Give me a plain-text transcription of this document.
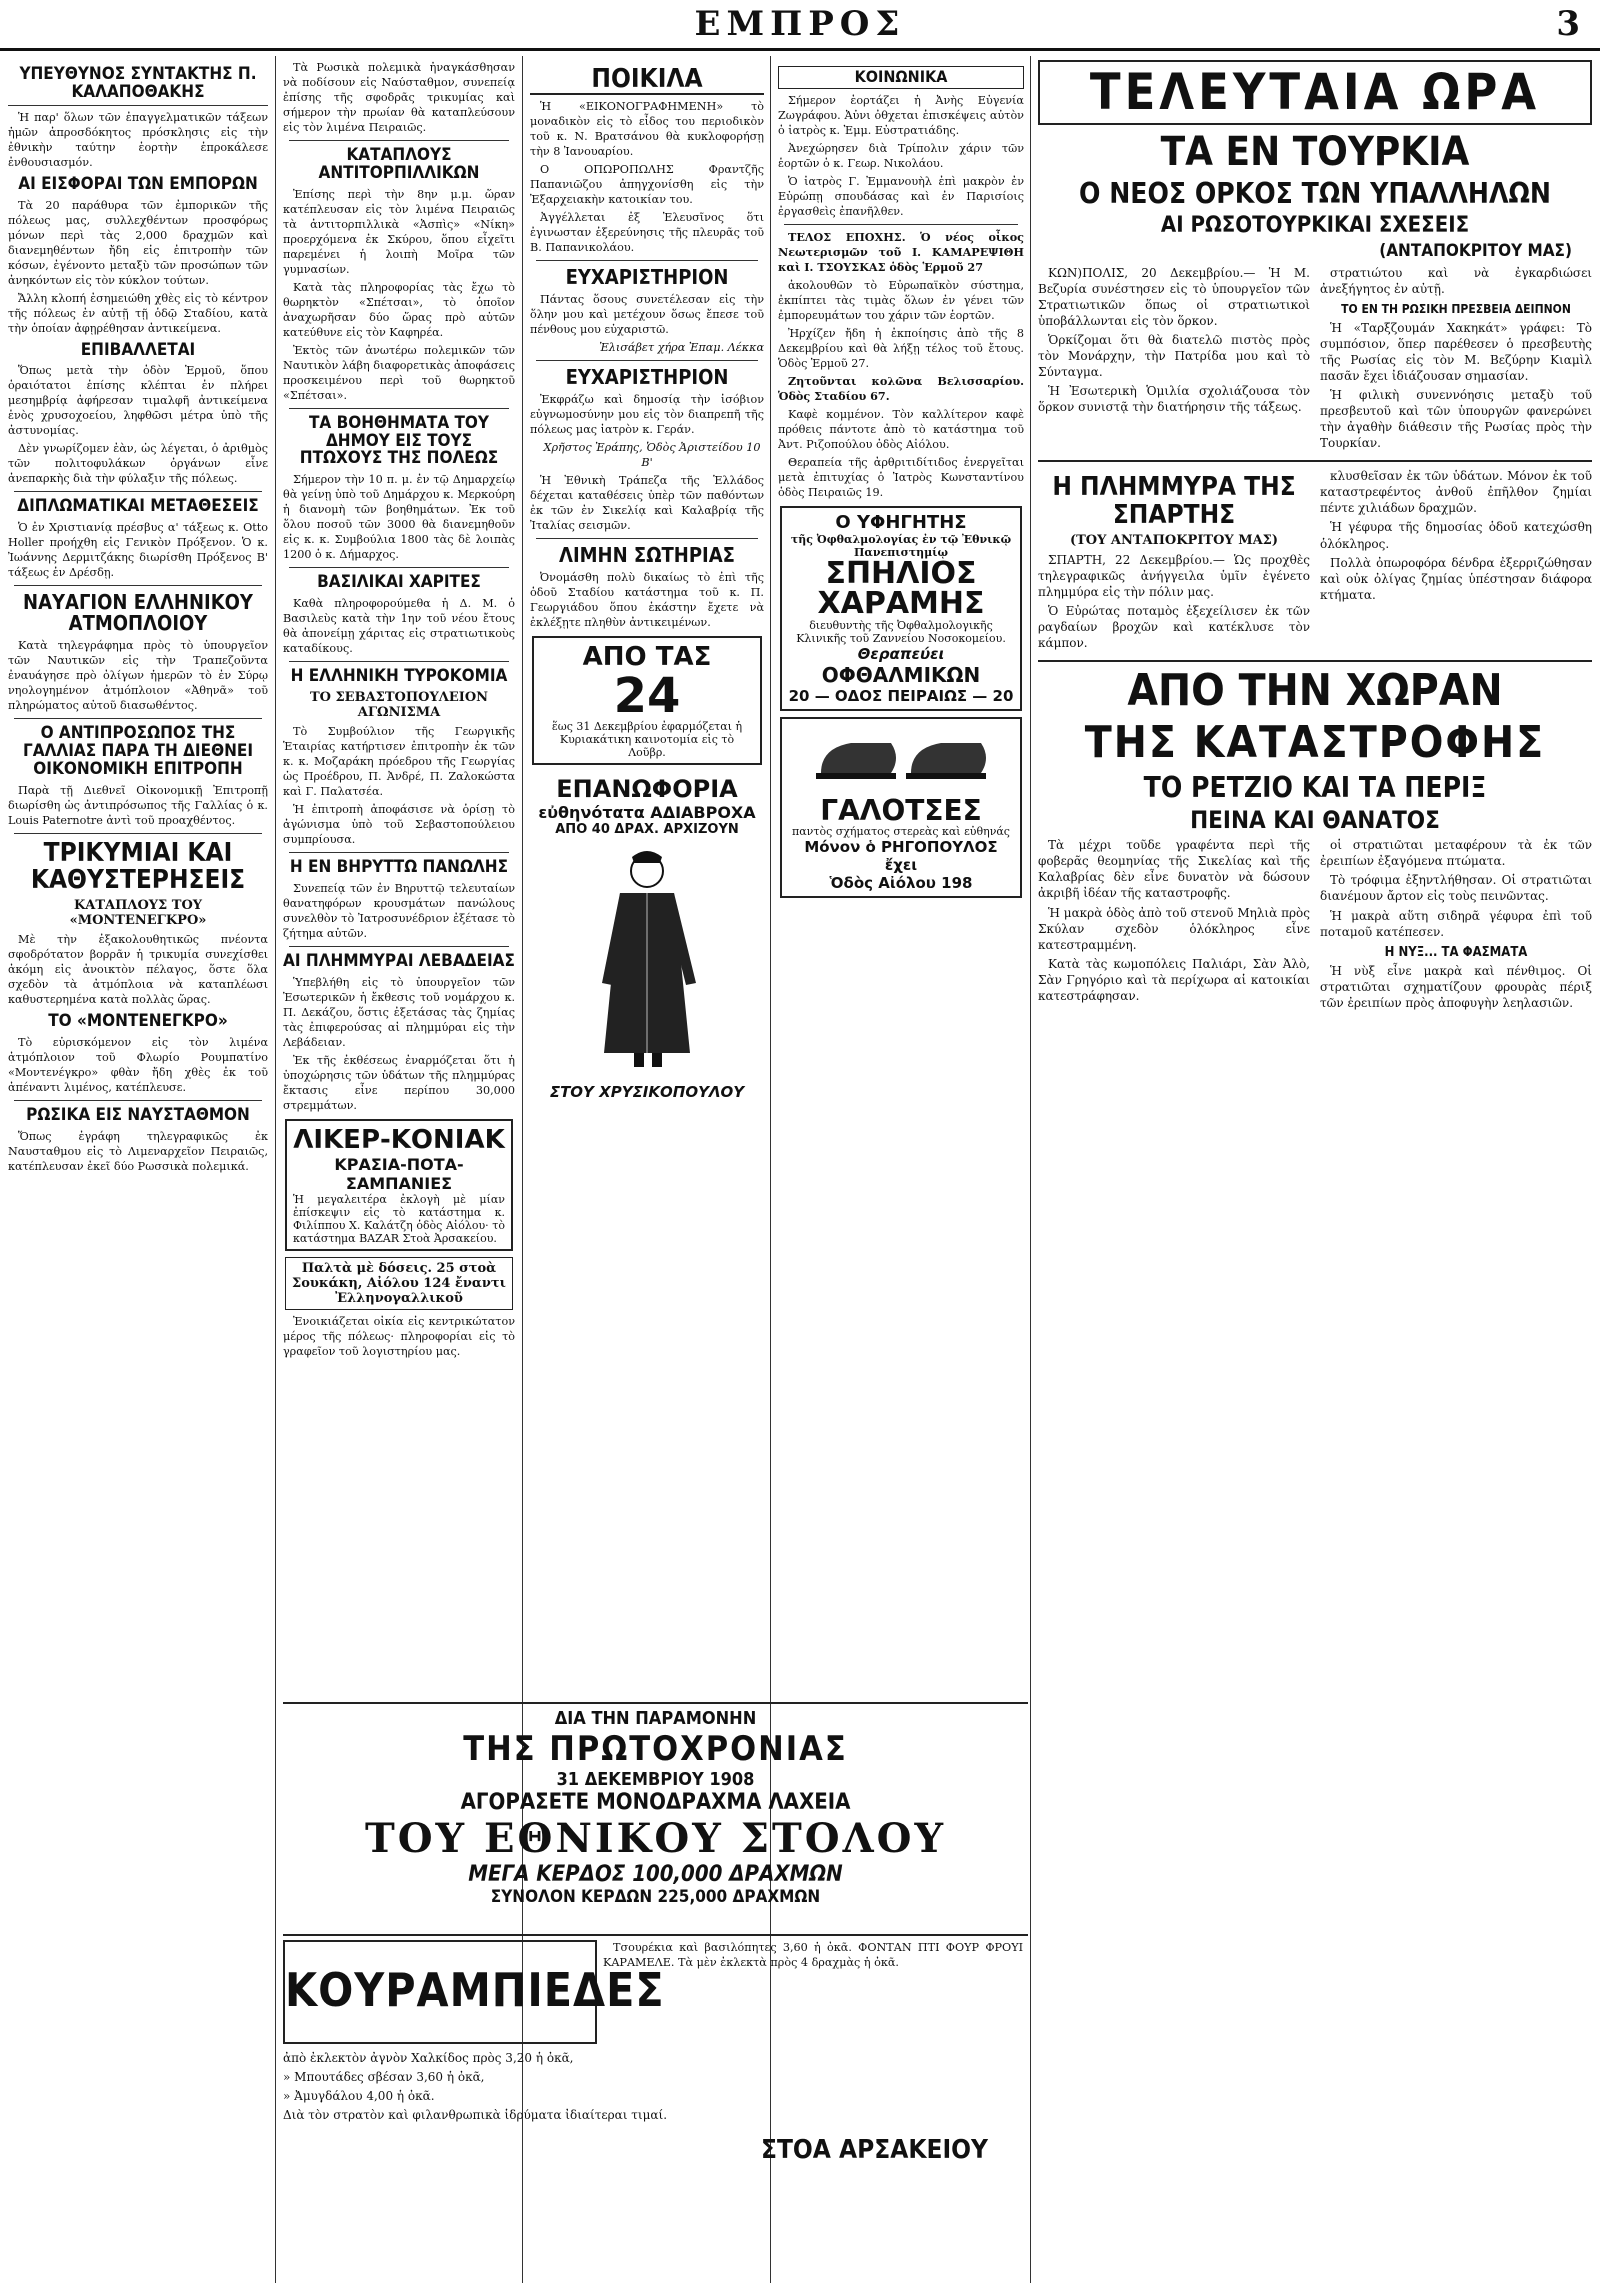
ΕΜΠΡΟΣ	3
ΥΠΕΥΘΥΝΟΣ ΣΥΝΤΑΚΤΗΣ Π. ΚΑΛΑΠΟΘΑΚΗΣ

Ἡ παρ' ὅλων τῶν ἐπαγγελματικῶν τάξεων ἡμῶν ἀπροσδόκητος πρόσκλησις εἰς τὴν ἐθνικὴν ταύτην ἑορτὴν ἐπροκάλεσε ἐνθουσιασμόν.

ΑΙ ΕΙΣΦΟΡΑΙ ΤΩΝ ΕΜΠΟΡΩΝ

Τὰ 20 παράθυρα τῶν ἐμπορικῶν τῆς πόλεως μας, συλλεχθέντων προσφόρως μόνων περὶ τὰς 2,000 δραχμῶν καὶ διανεμηθέντων ἤδη εἰς ἐπιτροπὴν τῶν κόσων, ἐγένοντο μεταξὺ τῶν προσώπων τῶν ἀνηκόντων εἰς τὸν κύκλον τούτων.

Ἄλλη κλοπή ἐσημειώθη χθὲς εἰς τὸ κέντρον τῆς πόλεως ἐν αὐτῇ τῇ ὁδῷ Σταδίου, κατὰ τὴν ὁποίαν ἀφῃρέθησαν ἀντικείμενα.

ΕΠΙΒΑΛΛΕΤΑΙ

Ὅπως μετὰ τὴν ὁδὸν Ἑρμοῦ, ὅπου ὁραιότατοι ἐπίσης κλέπται ἐν πλήρει μεσημβρίᾳ ἀφήρεσαν τιμαλφῆ ἀντικείμενα ἑνὸς χρυσοχοείου, ληφθῶσι μέτρα ὑπὸ τῆς ἀστυνομίας.

Δὲν γνωρίζομεν ἐὰν, ὡς λέγεται, ὁ ἀριθμὸς τῶν πολιτοφυλάκων ὀργάνων εἶνε ἀνεπαρκὴς διὰ τὴν φύλαξιν τῆς πόλεως.

ΔΙΠΛΩΜΑΤΙΚΑΙ ΜΕΤΑΘΕΣΕΙΣ

Ὁ ἐν Χριστιανίᾳ πρέσβυς α' τάξεως κ. Otto Holler προήχθη εἰς Γενικὸν Πρόξενον. Ὁ κ. Ἰωάννης Δερμιτζάκης διωρίσθη Πρόξενος Β' τάξεως ἐν Δρέσδῃ.

ΝΑΥΑΓΙΟΝ ΕΛΛΗΝΙΚΟΥ ΑΤΜΟΠΛΟΙΟΥ

Κατὰ τηλεγράφημα πρὸς τὸ ὑπουργεῖον τῶν Ναυτικῶν εἰς τὴν Τραπεζοῦντα ἐναυάγησε πρὸ ὀλίγων ἡμερῶν τὸ ἐν Σύρῳ νηολογημένον ἀτμόπλοιον «Ἀθηνᾶ» τοῦ πληρώματος αὐτοῦ διασωθέντος.

Ο ΑΝΤΙΠΡΟΣΩΠΟΣ ΤΗΣ ΓΑΛΛΙΑΣ ΠΑΡΑ ΤΗ ΔΙΕΘΝΕΙ ΟΙΚΟΝΟΜΙΚΗ ΕΠΙΤΡΟΠΗ

Παρὰ τῇ Διεθνεῖ Οἰκονομικῇ Ἐπιτροπῇ διωρίσθη ὡς ἀντιπρόσωπος τῆς Γαλλίας ὁ κ. Louis Paternotre ἀντὶ τοῦ προαχθέντος.

ΤΡΙΚΥΜΙΑΙ ΚΑΙ ΚΑΘΥΣΤΕΡΗΣΕΙΣ
ΚΑΤΑΠΛΟΥΣ ΤΟΥ «ΜΟΝΤΕΝΕΓΚΡΟ»

Μὲ τὴν ἐξακολουθητικῶς πνέοντα σφοδρότατον βορρᾶν ἡ τρικυμία συνεχίσθει ἀκόμη εἰς ἀνοικτὸν πέλαγος, ὅστε ὅλα σχεδὸν τὰ ἀτμόπλοια νὰ καταπλέωσι καθυστερημένα κατὰ πολλὰς ὥρας.

ΤΟ «ΜΟΝΤΕΝΕΓΚΡΟ»

Τὸ εὐρισκόμενον εἰς τὸν λιμένα ἀτμόπλοιον τοῦ Φλωρίο Ρουμπατίνο «Μοντενέγκρο» φθὰν ἤδη χθὲς ἐκ τοῦ ἀπέναντι λιμένος, κατέπλευσε.

ΡΩΣΙΚΑ ΕΙΣ ΝΑΥΣΤΑΘΜΟΝ

Ὅπως ἐγράφη τηλεγραφικῶς ἐκ Ναυσταθμου εἰς τὸ Λιμεναρχεῖον Πειραιῶς, κατέπλευσαν ἐκεῖ δύο Ρωσσικὰ πολεμικά.

Τὰ Ρωσικὰ πολεμικὰ ἠναγκάσθησαν νὰ ποδίσουν εἰς Ναύσταθμον, συνεπείᾳ ἐπίσης τῆς σφοδρᾶς τρικυμίας καὶ σήμερον τὴν πρωίαν θὰ καταπλεύσουν εἰς τὸν λιμένα Πειραιῶς.

ΚΑΤΑΠΛΟΥΣ ΑΝΤΙΤΟΡΠΙΛΛΙΚΩΝ

Ἐπίσης περὶ τὴν 8ην μ.μ. ὥραν κατέπλευσαν εἰς τὸν λιμένα Πειραιῶς τὰ ἀντιτορπιλλικὰ «Ἀσπὶς» «Νίκη» προερχόμενα ἐκ Σκύρου, ὅπου εἶχεῖτι παρεμένει ἡ λοιπὴ Μοῖρα τῶν γυμνασίων.

Κατὰ τὰς πληροφορίας τὰς ἔχω τὸ θωρηκτὸν «Σπέτσαι», τὸ ὁποῖον ἀναχωρῆσαν δύο ὥρας πρὸ αὐτῶν κατεύθυνε εἰς τὸν Καφηρέα.

Ἐκτὸς τῶν ἀνωτέρω πολεμικῶν τῶν Ναυτικὸν λάβη διαφορετικὰς ἀποφάσεις προσκειμένου περὶ τοῦ θωρηκτοῦ «Σπέτσαι».

ΤΑ ΒΟΗΘΗΜΑΤΑ ΤΟΥ ΔΗΜΟΥ ΕΙΣ ΤΟΥΣ ΠΤΩΧΟΥΣ ΤΗΣ ΠΟΛΕΩΣ

Σήμερον τὴν 10 π. μ. ἐν τῷ Δημαρχείῳ θὰ γείνῃ ὑπὸ τοῦ Δημάρχου κ. Μερκούρη ἡ διανομὴ τῶν βοηθημάτων. Ἐκ τοῦ ὅλου ποσοῦ τῶν 3000 θὰ διανεμηθοῦν εἰς κ. κ. Συμβούλια 1800 τὰς δὲ λοιπὰς 1200 ὁ κ. Δήμαρχος.

ΒΑΣΙΛΙΚΑΙ ΧΑΡΙΤΕΣ

Καθὰ πληροφορούμεθα ἡ Δ. Μ. ὁ Βασιλεὺς κατὰ τὴν 1ην τοῦ νέου ἔτους θὰ ἀπονείμῃ χάριτας εἰς στρατιωτικοὺς καταδίκους.

Η ΕΛΛΗΝΙΚΗ ΤΥΡΟΚΟΜΙΑ
ΤΟ ΣΕΒΑΣΤΟΠΟΥΛΕΙΟΝ ΑΓΩΝΙΣΜΑ

Τὸ Συμβούλιον τῆς Γεωργικῆς Ἑταιρίας κατήρτισεν ἐπιτροπὴν ἐκ τῶν κ. κ. Μοζαράκη πρόεδρου τῆς Γεωργίας ὡς Προέδρου, Π. Ἀνδρέ, Π. Ζαλοκώστα καὶ Γ. Παλατσέα.

Ἡ ἐπιτροπὴ ἀποφάσισε νὰ ὁρίσῃ τὸ ἀγώνισμα ὑπὸ τοῦ Σεβαστοπούλειου συμπρίουσα.

Η ΕΝ ΒΗΡΥΤΤΩ ΠΑΝΩΛΗΣ

Συνεπείᾳ τῶν ἐν Βηρυττῷ τελευταίων θανατηφόρων κρουσμάτων πανώλους συνελθὸν τὸ Ἰατροσυνέδριον ἐξέτασε τὸ ζήτημα αὐτῶν.

ΑΙ ΠΛΗΜΜΥΡΑΙ ΛΕΒΑΔΕΙΑΣ

Ὑπεβλήθη εἰς τὸ ὑπουργεῖον τῶν Ἐσωτερικῶν ἡ ἔκθεσις τοῦ νομάρχου κ. Π. Δεκάζου, ὅστις ἐξετάσας τὰς ζημίας τὰς ἐπιφερούσας αἱ πλημμύραι εἰς τὴν Λεβάδειαν.

Ἐκ τῆς ἐκθέσεως ἐναρμόζεται ὅτι ἡ ὑποχώρησις τῶν ὑδάτων τῆς πλημμύρας ἔκτασις εἶνε περίπου 30,000 στρεμμάτων.

ΛΙΚΕΡ-ΚΟΝΙΑΚ
ΚΡΑΣΙΑ-ΠΟΤΑ-ΣΑΜΠΑΝΙΕΣ
Ἡ μεγαλειτέρα ἐκλογὴ μὲ μίαν ἐπίσκεψιν εἰς τὸ κατάστημα κ. Φιλίππου Χ. Καλάτζη ὁδὸς Αἰόλου· τὸ κατάστημα BAZAR Στοὰ Ἀρσακείου.
Παλτὰ μὲ δόσεις. 25 στοὰ Σουκάκη, Αἰόλου 124 ἔναντι Ἐλληνογαλλικοῦ

Ἐνοικιάζεται οἰκία εἰς κεντρικώτατον μέρος τῆς πόλεως· πληροφορίαι εἰς τὸ γραφεῖον τοῦ λογιστηρίου μας.

ΠΟΙΚΙΛΑ

Ἡ «ΕΙΚΟΝΟΓΡΑΦΗΜΕΝΗ» τὸ μοναδικὸν εἰς τὸ εἶδος του περιοδικὸν τοῦ κ. Ν. Βρατσάνου θὰ κυκλοφορήσῃ τὴν 8 Ἰανουαρίου.

Ο ΟΠΩΡΟΠΩΛΗΣ Φραντζῆς Παπανιῶζου ἀπηγχονίσθη εἰς τὴν Ἐξαρχειακὴν κατοικίαν του.

Ἀγγέλλεται ἐξ Ἐλευσῖνος ὅτι ἐγινωσταν ἐξερεύνησις τῆς πλευρᾶς τοῦ Β. Παπανικολάου.

ΕΥΧΑΡΙΣΤΗΡΙΟΝ

Πάντας ὅσους συνετέλεσαν εἰς τὴν ὅλην μου καὶ μετέχουν ὅσως ἔπεσε τοῦ πένθους μου εὐχαριστῶ.

Ἐλισάβετ χήρα Ἐπαμ. Λέκκα

ΕΥΧΑΡΙΣΤΗΡΙΟΝ

Ἐκφράζω καὶ δημοσίᾳ τὴν ἰσόβιον εὐγνωμοσύνην μου εἰς τὸν διαπρεπῆ τῆς πόλεως μας ἰατρὸν κ. Γεράν.

Χρῆστος Ἐράπης, Ὁδὸς Ἀριστείδου 10 Β'

Ἡ Ἐθνικὴ Τράπεζα τῆς Ἑλλάδος δέχεται καταθέσεις ὑπὲρ τῶν παθόντων ἐκ τῶν ἐν Σικελίᾳ καὶ Καλαβρίᾳ τῆς Ἰταλίας σεισμῶν.

ΛΙΜΗΝ ΣΩΤΗΡΙΑΣ

Ὀνομάσθη πολὺ δικαίως τὸ ἐπὶ τῆς ὁδοῦ Σταδίου κατάστημα τοῦ κ. Π. Γεωργιάδου ὅπου ἑκάστην ἔχετε νὰ ἐκλέξῃτε πληθὺν ἀντικειμένων.

ΑΠΟ ΤΑΣ
24
ἕως 31 Δεκεμβρίου ἐφαρμόζεται ἡ Κυριακάτικη καινοτομία εἰς τὸ Λοῦβρ.
ΕΠΑΝΩΦΟΡΙΑ
εὐθηνότατα ΑΔΙΑΒΡΟΧΑ
ΑΠΟ 40 ΔΡΑΧ. ΑΡΧΙΖΟΥΝ
ΣΤΟΥ ΧΡΥΣΙΚΟΠΟΥΛΟΥ
ΚΟΙΝΩΝΙΚΑ

Σήμερον ἑορτάζει ἡ Ἀνὴς Εὐγενία Ζωγράφου. Ἀὐνι ὀθχεται ἐπισκέψεις αὐτὸν ὁ ἰατρὸς κ. Ἐμμ. Εὐστρατιάδης.

Ἀνεχώρησεν διὰ Τρίπολιν χάριν τῶν ἑορτῶν ὁ κ. Γεωρ. Νικολάου.

Ὁ ἰατρὸς Γ. Ἐμμανουὴλ ἐπὶ μακρὸν ἐν Εὐρώπῃ σπουδάσας καὶ ἐν Παρισίοις ἐργασθεὶς ἐπανῆλθεν.

ΤΕΛΟΣ ΕΠΟΧΗΣ. Ὁ νέος οἶκος Νεωτερισμῶν τοῦ Ι. ΚΑΜΑΡΕΨΙΘΗ καὶ Ι. ΤΣΟΥΣΚΑΣ ὁδὸς Ἑρμοῦ 27

ἀκολουθῶν τὸ Εὐρωπαϊκὸν σύστημα, ἐκπίπτει τὰς τιμὰς ὅλων ἐν γένει τῶν ἐμπορευμάτων του χάριν τῶν ἑορτῶν.

Ἠρχίζεν ἤδη ἡ ἐκποίησις ἀπὸ τῆς 8 Δεκεμβρίου καὶ θὰ λήξῃ τέλος τοῦ ἔτους. Ὁδὸς Ἑρμοῦ 27.

Ζητοῦνται κολῶνα Βελισσαρίου. Ὁδὸς Σταδίου 67.

Καφὲ κομμένον. Τὸν καλλίτερον καφὲ πρόθεις πάντοτε ἀπὸ τὸ κατάστημα τοῦ Ἀντ. Ριζοπούλου ὁδὸς Αἰόλου.

Θεραπεία τῆς ἀρθριτιδίτιδος ἐνεργεῖται μετὰ ἐπιτυχίας ὁ Ἰατρὸς Κωνσταντίνου ὁδὸς Πειραιῶς 19.

Ο ΥΦΗΓΗΤΗΣ
τῆς Ὀφθαλμολογίας ἐν τῷ Ἐθνικῷ Πανεπιστημίῳ
ΣΠΗΛΙΟΣ
ΧΑΡΑΜΗΣ
διευθυντὴς τῆς Ὀφθαλμολογικῆς Κλινικῆς τοῦ Ζαννείου Νοσοκομείου.
Θεραπεύει
ΟΦΘΑΛΜΙΚΩΝ
20 — ΟΔΟΣ ΠΕΙΡΑΙΩΣ — 20
ΓΑΛΟΤΣΕΣ
παντὸς σχήματος στερεὰς καὶ εὐθηνάς
Μόνον ὁ ΡΗΓΟΠΟΥΛΟΣ ἔχει
Ὁδὸς Αἰόλου 198
ΔΙΑ ΤΗΝ ΠΑΡΑΜΟΝΗΝ
ΤΗΣ ΠΡΩΤΟΧΡΟΝΙΑΣ
31 ΔΕΚΕΜΒΡΙΟΥ 1908
ΑΓΟΡΑΣΕΤΕ ΜΟΝΟΔΡΑΧΜΑ ΛΑΧΕΙΑ
ΤΟΥ ΕΘΝΙΚΟΥ ΣΤΟΛΟΥ
ΜΕΓΑ ΚΕΡΔΟΣ 100,000 ΔΡΑΧΜΩΝ
ΣΥΝΟΛΟΝ ΚΕΡΔΩΝ 225,000 ΔΡΑΧΜΩΝ
ΚΟΥΡΑΜΠΙΕΔΕΣ

Τσουρέκια καὶ βασιλόπητες 3,60 ἡ ὀκᾶ. ΦΟΝΤΑΝ ΠΤΙ ΦΟΥΡ ΦΡΟΥΙ ΚΑΡΑΜΕΛΕ. Τὰ μὲν ἐκλεκτὰ πρὸς 4 δραχμὰς ἡ ὀκᾶ.

ἀπὸ ἐκλεκτὸν ἀγνὸν Χαλκίδος πρὸς 3,20 ἡ ὀκᾶ,
» Μπουτάδες σβέσαν 3,60 ἡ ὀκᾶ,
» Ἀμυγδάλου 4,00 ἡ ὀκᾶ.
Διὰ τὸν στρατὸν καὶ φιλανθρωπικὰ ἱδρύματα ἰδιαίτεραι τιμαί.
ΣΤΟΑ ΑΡΣΑΚΕΙΟΥ
ΤΕΛΕΥΤΑΙΑ ΩΡΑ
ΤΑ ΕΝ ΤΟΥΡΚΙΑ
Ο ΝΕΟΣ ΟΡΚΟΣ ΤΩΝ ΥΠΑΛΛΗΛΩΝ
ΑΙ ΡΩΣΟΤΟΥΡΚΙΚΑΙ ΣΧΕΣΕΙΣ
(ΑΝΤΑΠΟΚΡΙΤΟΥ ΜΑΣ)

ΚΩΝ)ΠΟΛΙΣ, 20 Δεκεμβρίου.— Ἡ Μ. Βεζυρία συνέστησεν εἰς τὸ ὑπουργεῖον τῶν Στρατιωτικῶν ὅπως οἱ στρατιωτικοὶ ὑποβάλλωνται εἰς τὸν ὅρκον.

Ὁρκίζομαι ὅτι θὰ διατελῶ πιστὸς πρὸς τὸν Μονάρχην, τὴν Πατρίδα μου καὶ τὸ Σύνταγμα.

Ἡ Ἐσωτερικὴ Ὁμιλία σχολιάζουσα τὸν ὅρκον συνιστᾷ τὴν διατήρησιν τῆς τάξεως.

στρατιώτου καὶ νὰ ἐγκαρδιώσει ἀνεξήγητος ἐν αὐτῇ.

ΤΟ ΕΝ ΤΗ ΡΩΣΙΚΗ ΠΡΕΣΒΕΙΑ ΔΕΙΠΝΟΝ

Ἡ «Ταρξζουμάν Χακηκάτ» γράφει: Τὸ συμπόσιον, ὅπερ παρέθεσεν ὁ πρεσβευτὴς τῆς Ρωσίας εἰς τὸν Μ. Βεζύρην Κιαμὶλ πασᾶν ἔχει ἰδιάζουσαν σημασίαν.

Ἡ φιλικὴ συνεννόησις μεταξὺ τοῦ πρεσβευτοῦ καὶ τῶν ὑπουργῶν φανερώνει τὴν ἀγαθὴν διάθεσιν τῆς Ρωσίας πρὸς τὴν Τουρκίαν.

Η ΠΛΗΜΜΥΡΑ ΤΗΣ ΣΠΑΡΤΗΣ
(ΤΟΥ ΑΝΤΑΠΟΚΡΙΤΟΥ ΜΑΣ)

ΣΠΑΡΤΗ, 22 Δεκεμβρίου.— Ὡς προχθὲς τηλεγραφικῶς ἀνήγγειλα ὑμῖν ἐγένετο πλημμύρα εἰς τὴν πόλιν μας.

Ὁ Εὐρώτας ποταμὸς ἐξεχείλισεν ἐκ τῶν ραγδαίων βροχῶν καὶ κατέκλυσε τὸν κάμπον.

κλυσθεῖσαν ἐκ τῶν ὑδάτων. Μόνον ἐκ τοῦ καταστρεφέντος ἀνθοῦ ἐπῆλθον ζημίαι πέντε χιλιάδων δραχμῶν.

Ἡ γέφυρα τῆς δημοσίας ὁδοῦ κατεχώσθη ὁλόκληρος.

Πολλὰ ὀπωροφόρα δένδρα ἐξερριζώθησαν καὶ οὐκ ὀλίγας ζημίας ὑπέστησαν διάφορα κτήματα.

ΑΠΟ ΤΗΝ ΧΩΡΑΝ
ΤΗΣ ΚΑΤΑΣΤΡΟΦΗΣ
ΤΟ ΡΕΤΖΙΟ ΚΑΙ ΤΑ ΠΕΡΙΞ
ΠΕΙΝΑ ΚΑΙ ΘΑΝΑΤΟΣ

Τὰ μέχρι τοῦδε γραφέντα περὶ τῆς φοβερᾶς θεομηνίας τῆς Σικελίας καὶ τῆς Καλαβρίας δὲν εἶνε δυνατὸν νὰ δώσουν ἀκριβῆ ἰδέαν τῆς καταστροφῆς.

Ἡ μακρὰ ὁδὸς ἀπὸ τοῦ στενοῦ Μηλιὰ πρὸς Σκύλαν σχεδὸν ὁλόκληρος εἶνε κατεστραμμένη.

Κατὰ τὰς κωμοπόλεις Παλιάρι, Σὰν Ἀλὸ, Σὰν Γρηγόριο καὶ τὰ περίχωρα αἱ κατοικίαι κατεστράφησαν.

οἱ στρατιῶται μεταφέρουν τὰ ἐκ τῶν ἐρειπίων ἐξαγόμενα πτώματα.

Τὸ τρόφιμα ἐξηντλήθησαν. Οἱ στρατιῶται διανέμουν ἄρτον εἰς τοὺς πεινῶντας.

Ἡ μακρὰ αὕτη σιδηρᾶ γέφυρα ἐπὶ τοῦ ποταμοῦ κατέπεσεν.

Η ΝΥΞ... ΤΑ ΦΑΣΜΑΤΑ

Ἡ νὺξ εἶνε μακρὰ καὶ πένθιμος. Οἱ στρατιῶται σχηματίζουν φρουρὰς πέριξ τῶν ἐρειπίων πρὸς ἀποφυγὴν λεηλασιῶν.
